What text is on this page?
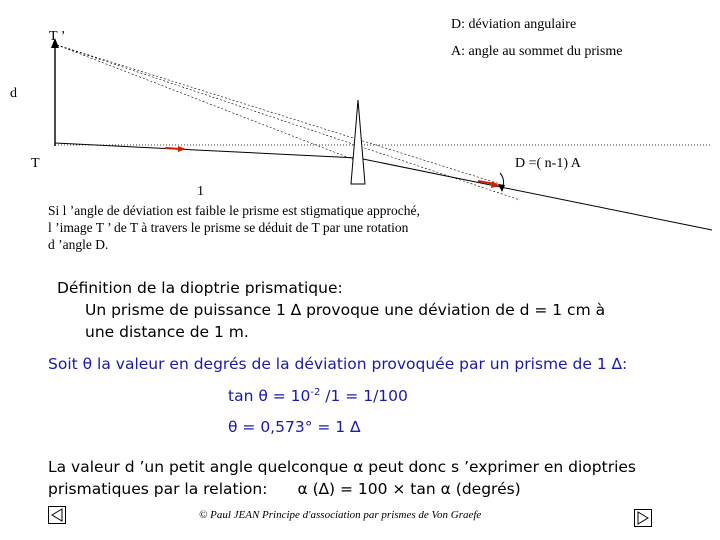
D: déviation angulaire
A: angle au sommet du prisme
T ’
d
T	D =( n-1) A
1
Si l ’angle de déviation est faible le prisme est stigmatique approché,
l ’image T ’ de T à travers le prisme se déduit de T par une rotation
d ’angle D.
Définition de la dioptrie prismatique:
Un prisme de puissance 1 ∆ provoque une déviation de d = 1 cm à
une distance de 1 m.
Soit θ la valeur en degrés de la déviation provoquée par un prisme de 1 ∆:
$\tan \theta = 10^{-2}$ /1 = 1/100
θ = 0,573° = 1 ∆
La valeur d ’un petit angle quelconque α peut donc s ’exprimer en dioptries
prismatiques par la relation: α (∆) = 100 × tan α (degrés)
© Paul JEAN Principe d'association par prismes de Von Graefe
